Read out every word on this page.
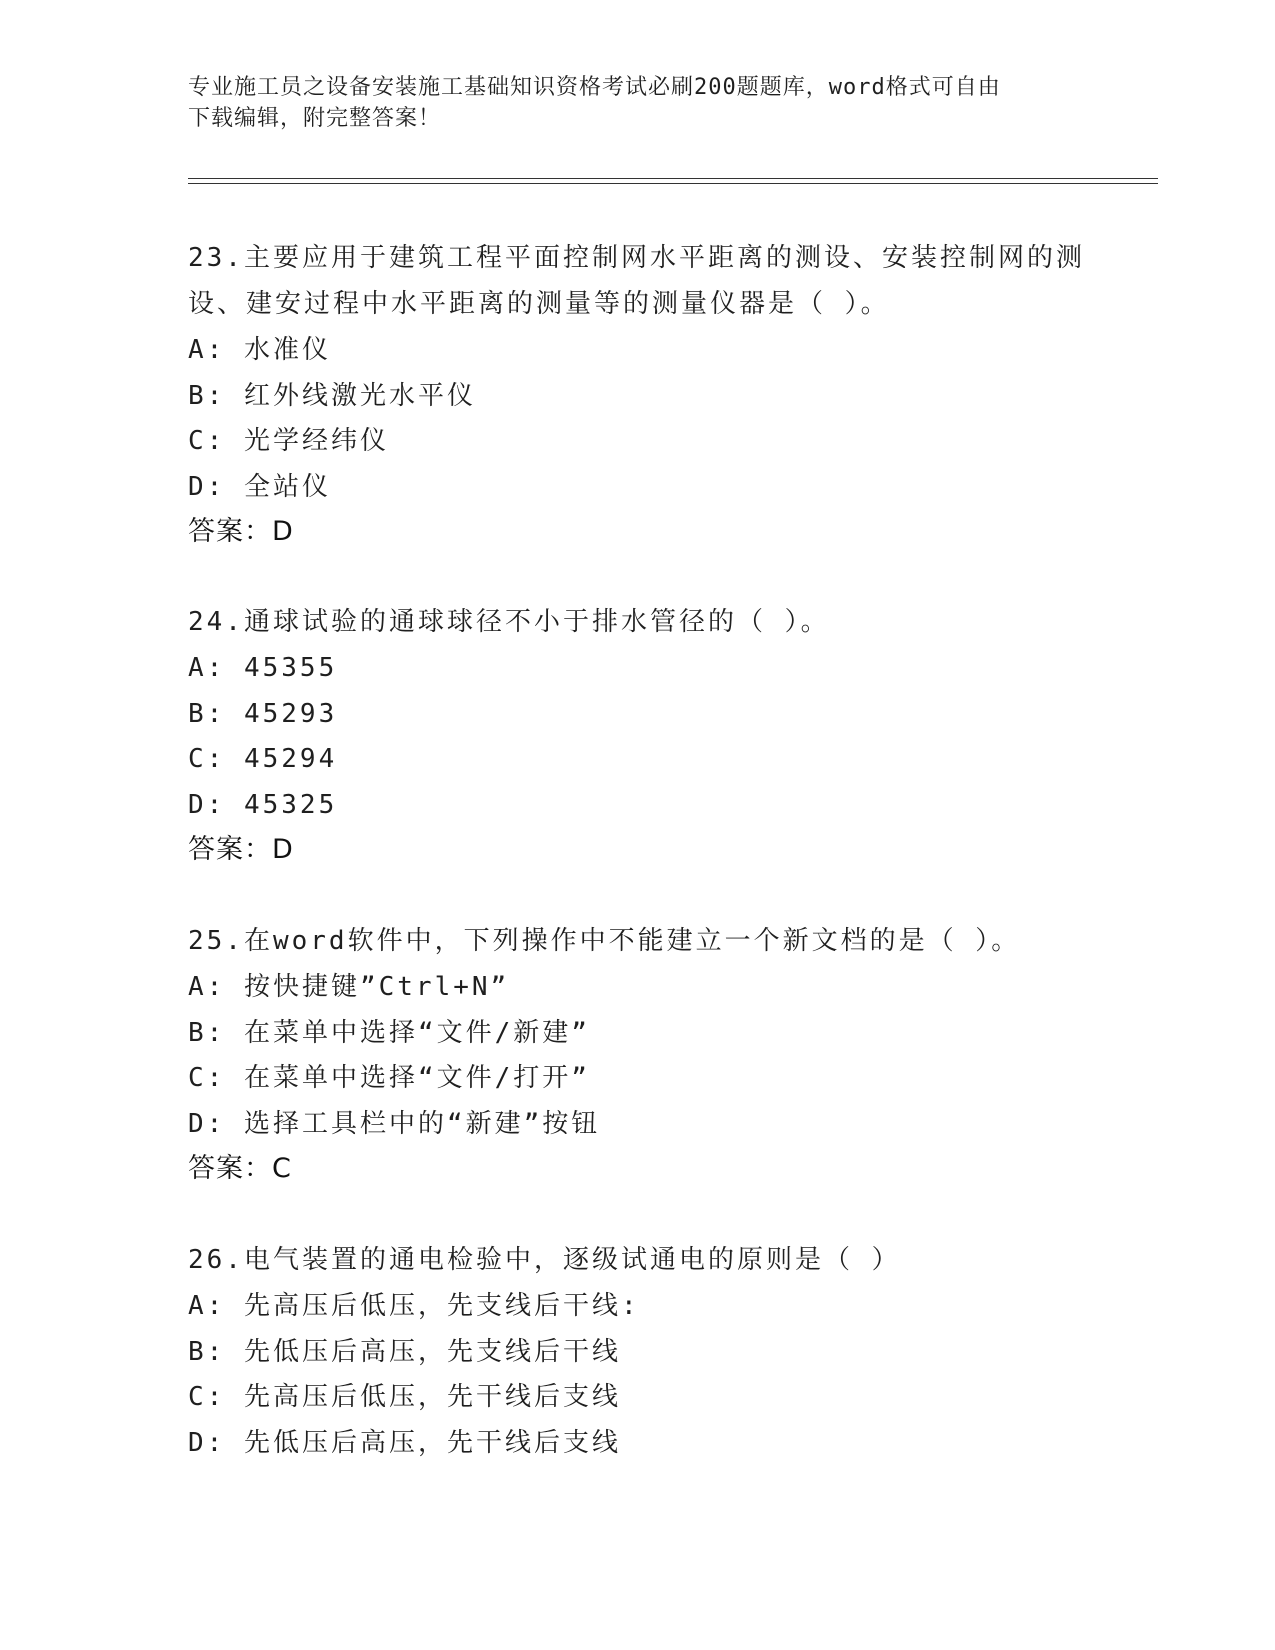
专业施工员之设备安装施工基础知识资格考试必刷200题题库，word格式可自由
下载编辑，附完整答案！

23.主要应用于建筑工程平面控制网水平距离的测设、安装控制网的测
设、建安过程中水平距离的测量等的测量仪器是（ ）。

A: 水准仪
B: 红外线激光水平仪
C: 光学经纬仪
D: 全站仪
答案：D

24.通球试验的通球球径不小于排水管径的（ ）。

A: 45355
B: 45293
C: 45294
D: 45325
答案：D

25.在word软件中，下列操作中不能建立一个新文档的是（ ）。

A: 按快捷键”Ctrl+N”
B: 在菜单中选择“文件/新建”
C: 在菜单中选择“文件/打开”
D: 选择工具栏中的“新建”按钮
答案：C

26.电气装置的通电检验中，逐级试通电的原则是（ ）

A: 先高压后低压，先支线后干线:
B: 先低压后高压，先支线后干线
C: 先高压后低压，先干线后支线
D: 先低压后高压，先干线后支线
